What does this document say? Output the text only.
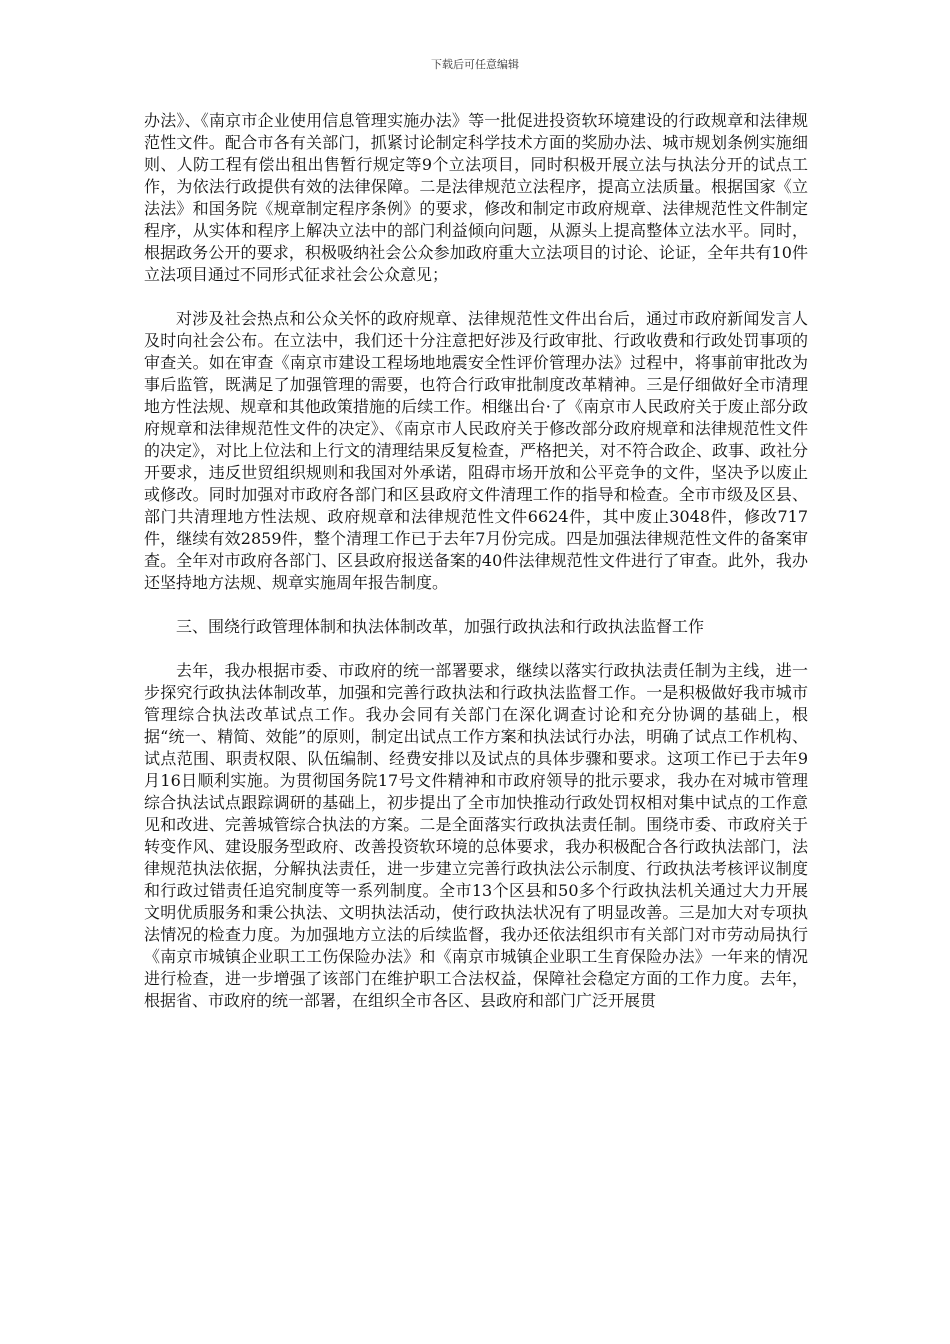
下载后可任意编辑

办法》、《南京市企业使用信息管理实施办法》等一批促进投资软环境建设的行政规章和法律规范性文件。配合市各有关部门，抓紧讨论制定科学技术方面的奖励办法、城市规划条例实施细则、人防工程有偿出租出售暂行规定等9个立法项目，同时积极开展立法与执法分开的试点工作，为依法行政提供有效的法律保障。二是法律规范立法程序，提高立法质量。根据国家《立法法》和国务院《规章制定程序条例》的要求，修改和制定市政府规章、法律规范性文件制定程序，从实体和程序上解决立法中的部门利益倾向问题，从源头上提高整体立法水平。同时，根据政务公开的要求，积极吸纳社会公众参加政府重大立法项目的讨论、论证，全年共有10件立法项目通过不同形式征求社会公众意见；

对涉及社会热点和公众关怀的政府规章、法律规范性文件出台后，通过市政府新闻发言人及时向社会公布。在立法中，我们还十分注意把好涉及行政审批、行政收费和行政处罚事项的审查关。如在审查《南京市建设工程场地地震安全性评价管理办法》过程中，将事前审批改为事后监管，既满足了加强管理的需要，也符合行政审批制度改革精神。三是仔细做好全市清理地方性法规、规章和其他政策措施的后续工作。相继出台·了《南京市人民政府关于废止部分政府规章和法律规范性文件的决定》、《南京市人民政府关于修改部分政府规章和法律规范性文件的决定》，对比上位法和上行文的清理结果反复检查，严格把关，对不符合政企、政事、政社分开要求，违反世贸组织规则和我国对外承诺，阻碍市场开放和公平竞争的文件，坚决予以废止或修改。同时加强对市政府各部门和区县政府文件清理工作的指导和检查。全市市级及区县、部门共清理地方性法规、政府规章和法律规范性文件6624件，其中废止3048件，修改717件，继续有效2859件，整个清理工作已于去年7月份完成。四是加强法律规范性文件的备案审查。全年对市政府各部门、区县政府报送备案的40件法律规范性文件进行了审查。此外，我办还坚持地方法规、规章实施周年报告制度。

三、围绕行政管理体制和执法体制改革，加强行政执法和行政执法监督工作

去年，我办根据市委、市政府的统一部署要求，继续以落实行政执法责任制为主线，进一步探究行政执法体制改革，加强和完善行政执法和行政执法监督工作。一是积极做好我市城市管理综合执法改革试点工作。我办会同有关部门在深化调查讨论和充分协调的基础上，根据“统一、精简、效能”的原则，制定出试点工作方案和执法试行办法，明确了试点工作机构、试点范围、职责权限、队伍编制、经费安排以及试点的具体步骤和要求。这项工作已于去年9月16日顺利实施。为贯彻国务院17号文件精神和市政府领导的批示要求，我办在对城市管理综合执法试点跟踪调研的基础上，初步提出了全市加快推动行政处罚权相对集中试点的工作意见和改进、完善城管综合执法的方案。二是全面落实行政执法责任制。围绕市委、市政府关于转变作风、建设服务型政府、改善投资软环境的总体要求，我办积极配合各行政执法部门，法律规范执法依据，分解执法责任，进一步建立完善行政执法公示制度、行政执法考核评议制度和行政过错责任追究制度等一系列制度。全市13个区县和50多个行政执法机关通过大力开展文明优质服务和秉公执法、文明执法活动，使行政执法状况有了明显改善。三是加大对专项执法情况的检查力度。为加强地方立法的后续监督，我办还依法组织市有关部门对市劳动局执行《南京市城镇企业职工工伤保险办法》和《南京市城镇企业职工生育保险办法》一年来的情况进行检查，进一步增强了该部门在维护职工合法权益，保障社会稳定方面的工作力度。去年，根据省、市政府的统一部署，在组织全市各区、县政府和部门广泛开展贯
